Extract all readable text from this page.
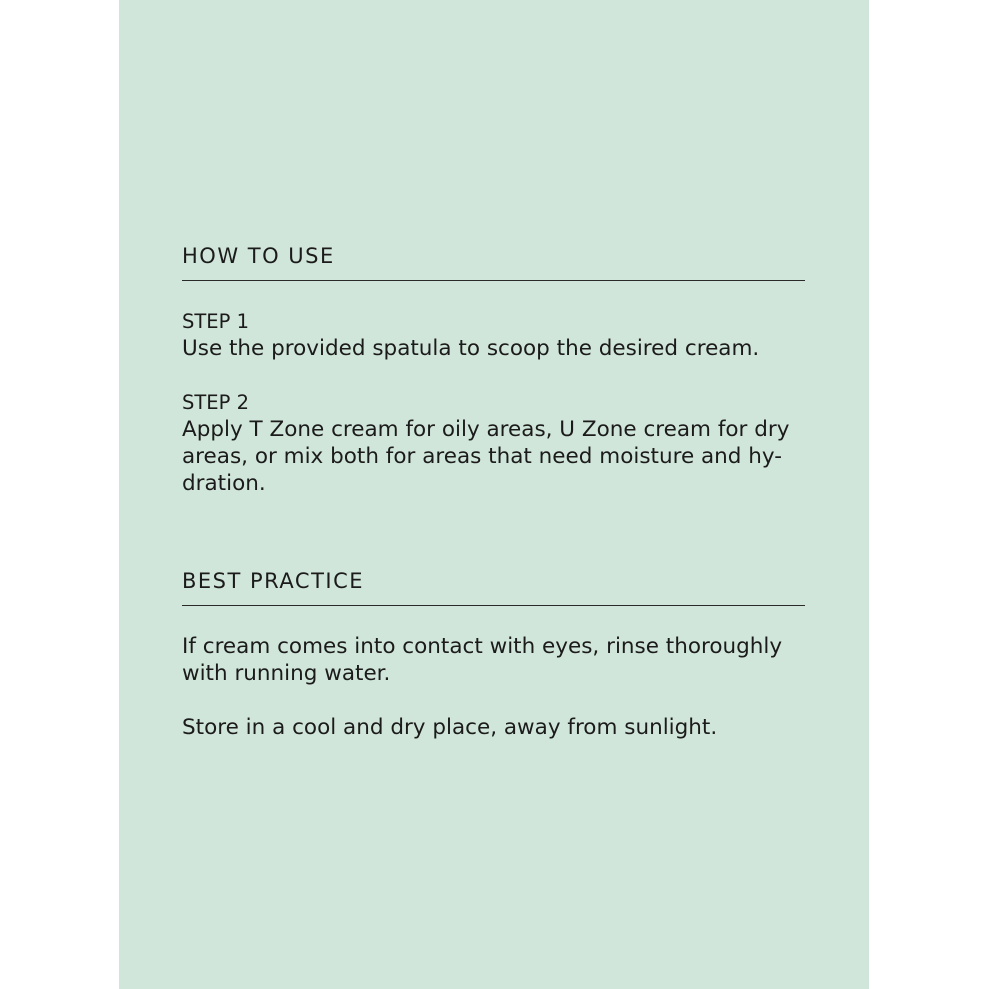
HOW TO USE

STEP 1

Use the provided spatula to scoop the desired cream.

STEP 2

Apply T Zone cream for oily areas, U Zone cream for dry
areas, or mix both for areas that need moisture and hy-
dration.

BEST PRACTICE

If cream comes into contact with eyes, rinse thoroughly
with running water.

Store in a cool and dry place, away from sunlight.
